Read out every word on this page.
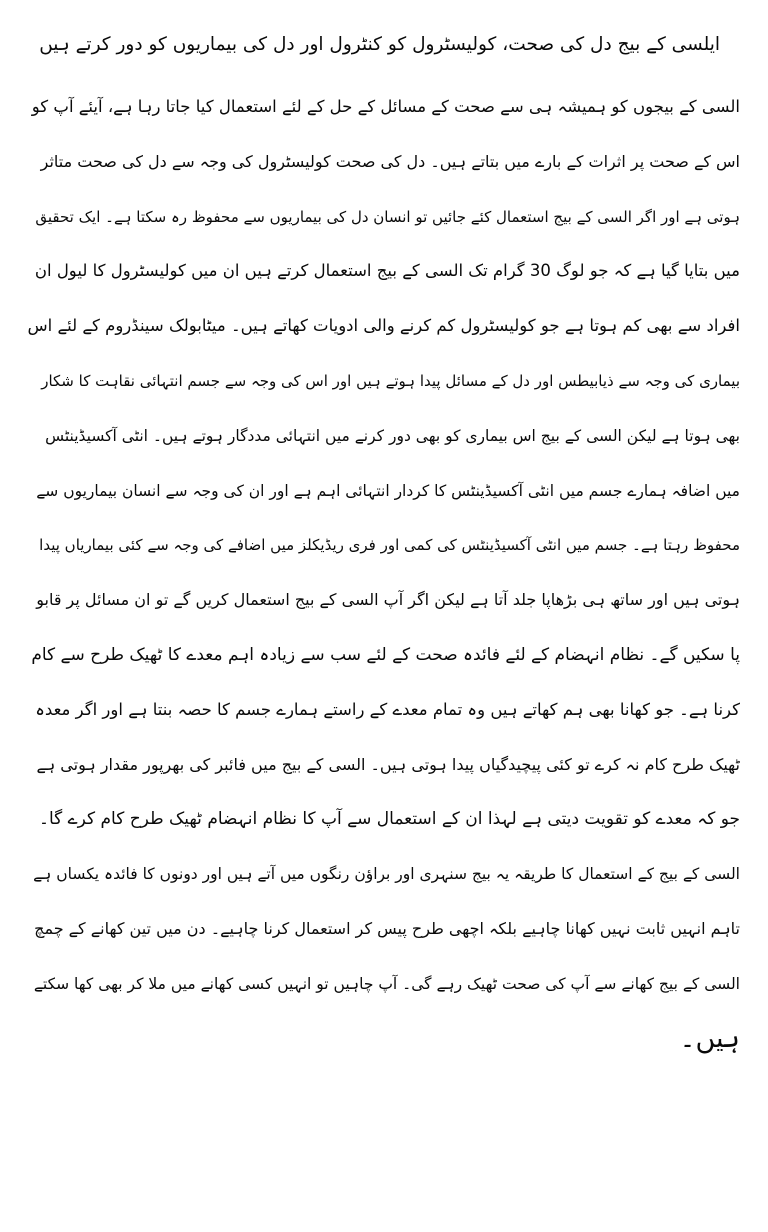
ایلسی کے بیج دل کی صحت، کولیسٹرول کو کنٹرول اور دل کی بیماریوں کو دور کرتے ہیں
السی کے بیجوں کو ہمیشہ ہی سے صحت کے مسائل کے حل کے لئے استعمال کیا جاتا رہا ہے، آیئے آپ کو
اس کے صحت پر اثرات کے بارے میں بتاتے ہیں۔ دل کی صحت کولیسٹرول کی وجہ سے دل کی صحت متاثر
ہوتی ہے اور اگر السی کے بیج استعمال کئے جائیں تو انسان دل کی بیماریوں سے محفوظ رہ سکتا ہے۔ ایک تحقیق
میں بتایا گیا ہے کہ جو لوگ 30 گرام تک السی کے بیج استعمال کرتے ہیں ان میں کولیسٹرول کا لیول ان
افراد سے بھی کم ہوتا ہے جو کولیسٹرول کم کرنے والی ادویات کھاتے ہیں۔ میٹابولک سینڈروم کے لئے اس
بیماری کی وجہ سے ذیابیطس اور دل کے مسائل پیدا ہوتے ہیں اور اس کی وجہ سے جسم انتہائی نقاہت کا شکار
بھی ہوتا ہے لیکن السی کے بیج اس بیماری کو بھی دور کرنے میں انتہائی مددگار ہوتے ہیں۔ انٹی آکسیڈینٹس
میں اضافہ ہمارے جسم میں انٹی آکسیڈینٹس کا کردار انتہائی اہم ہے اور ان کی وجہ سے انسان بیماریوں سے
محفوظ رہتا ہے۔ جسم میں انٹی آکسیڈینٹس کی کمی اور فری ریڈیکلز میں اضافے کی وجہ سے کئی بیماریاں پیدا
ہوتی ہیں اور ساتھ ہی بڑھاپا جلد آتا ہے لیکن اگر آپ السی کے بیج استعمال کریں گے تو ان مسائل پر قابو
پا سکیں گے۔ نظام انہضام کے لئے فائدہ صحت کے لئے سب سے زیادہ اہم معدے کا ٹھیک طرح سے کام
کرنا ہے۔ جو کھانا بھی ہم کھاتے ہیں وہ تمام معدے کے راستے ہمارے جسم کا حصہ بنتا ہے اور اگر معدہ
ٹھیک طرح کام نہ کرے تو کئی پیچیدگیاں پیدا ہوتی ہیں۔ السی کے بیج میں فائبر کی بھرپور مقدار ہوتی ہے
جو کہ معدے کو تقویت دیتی ہے لہذا ان کے استعمال سے آپ کا نظام انہضام ٹھیک طرح کام کرے گا۔
السی کے بیج کے استعمال کا طریقہ یہ بیج سنہری اور براؤن رنگوں میں آتے ہیں اور دونوں کا فائدہ یکساں ہے
تاہم انہیں ثابت نہیں کھانا چاہیے بلکہ اچھی طرح پیس کر استعمال کرنا چاہیے۔ دن میں تین کھانے کے چمچ
السی کے بیج کھانے سے آپ کی صحت ٹھیک رہے گی۔ آپ چاہیں تو انہیں کسی کھانے میں ملا کر بھی کھا سکتے
ہیں۔
